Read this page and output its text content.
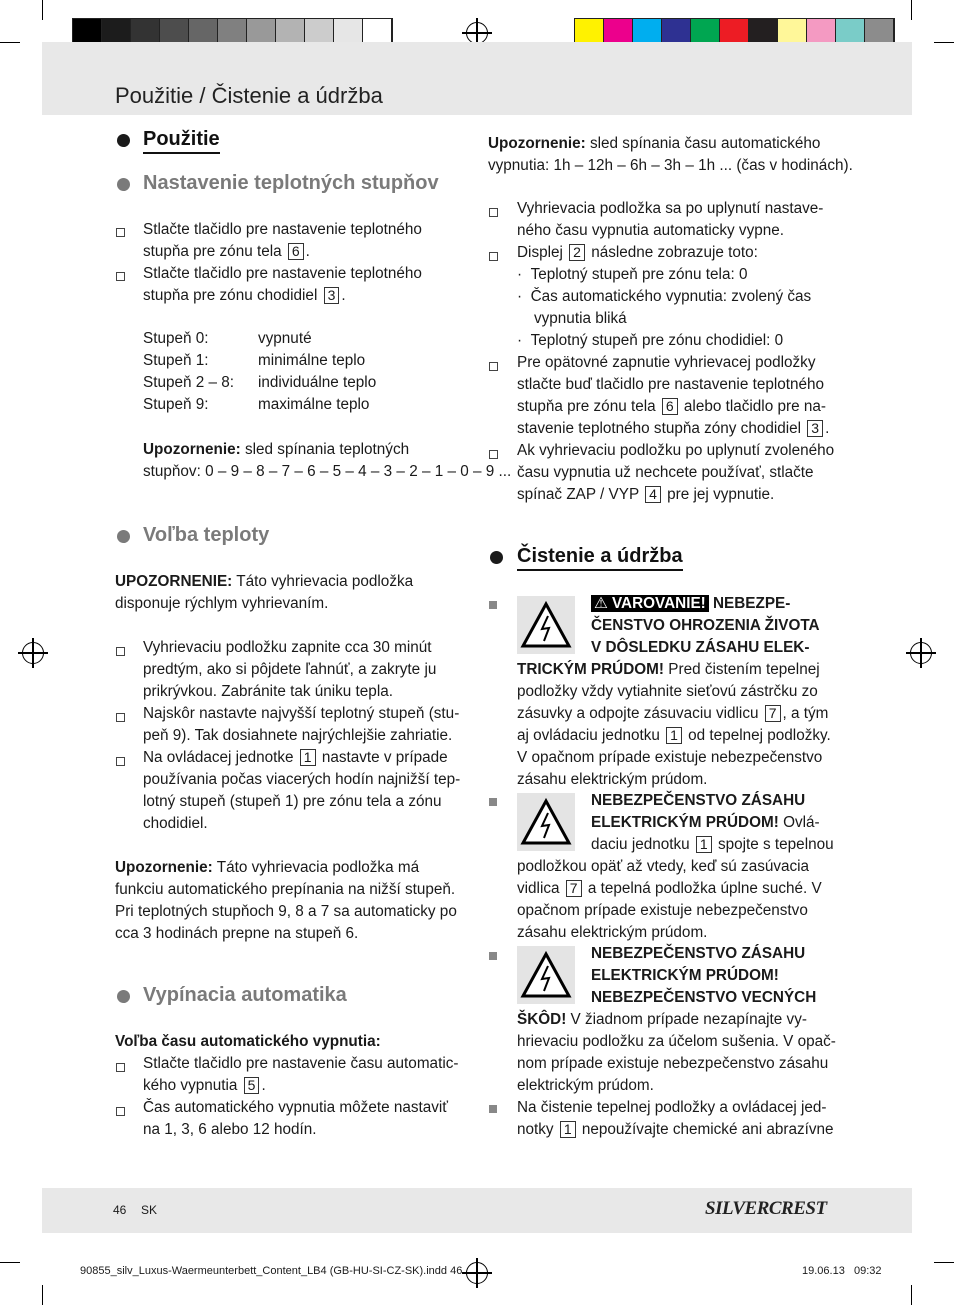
Použitie / Čistenie a údržba
Použitie
Nastavenie teplotných stupňov
Stlačte tlačidlo pre nastavenie teplotného
stupňa pre zónu tela 6 .
Stlačte tlačidlo pre nastavenie teplotného
stupňa pre zónu chodidiel 3 .
Stupeň 0:	vypnuté
Stupeň 1:	minimálne teplo
Stupeň 2 – 8: individuálne teplo
Stupeň 9:	maximálne teplo
Upozornenie: sled spínania teplotných
stupňov: 0 – 9 – 8 – 7 – 6 – 5 – 4 – 3 – 2 – 1 – 0 – 9 ...
Voľba teploty
UPOZORNENIE: Táto vyhrievacia podložka
disponuje rýchlym vyhrievaním.
Vyhrievaciu podložku zapnite cca 30 minút
predtým, ako si pôjdete ľahnúť, a zakryte ju
prikrývkou. Zabránite tak úniku tepla.
Najskôr nastavte najvyšší teplotný stupeň (stu-
peň 9). Tak dosiahnete najrýchlejšie zahriatie.
Na ovládacej jednotke 1 nastavte v prípade
používania počas viacerých hodín najnižší tep-
lotný stupeň (stupeň 1) pre zónu tela a zónu
chodidiel.
Upozornenie: Táto vyhrievacia podložka má
funkciu automatického prepínania na nižší stupeň.
Pri teplotných stupňoch 9, 8 a 7 sa automaticky po
cca 3 hodinách prepne na stupeň 6.
Vypínacia automatika
Voľba času automatického vypnutia:
Stlačte tlačidlo pre nastavenie času automatic-
kého vypnutia 5 .
Čas automatického vypnutia môžete nastaviť
na 1, 3, 6 alebo 12 hodín.
Upozornenie: sled spínania času automatického
vypnutia: 1h – 12h – 6h – 3h – 1h ... (čas v hodinách).
Vyhrievacia podložka sa po uplynutí nastave-
ného času vypnutia automaticky vypne.
Displej 2 následne zobrazuje toto:
·  Teplotný stupeň pre zónu tela: 0
·  Čas automatického vypnutia: zvolený čas
vypnutia bliká
·  Teplotný stupeň pre zónu chodidiel: 0
Pre opätovné zapnutie vyhrievacej podložky
stlačte buď tlačidlo pre nastavenie teplotného
stupňa pre zónu tela 6 alebo tlačidlo pre na-
stavenie teplotného stupňa zóny chodidiel 3 .
Ak vyhrievaciu podložku po uplynutí zvoleného
času vypnutia už nechcete používať, stlačte
spínač ZAP / VYP 4 pre jej vypnutie.
Čistenie a údržba
⚠ VAROVANIE! NEBEZPE-
ČENSTVO OHROZENIA ŽIVOTA
V DÔSLEDKU ZÁSAHU ELEK-
TRICKÝM PRÚDOM! Pred čistením tepelnej
podložky vždy vytiahnite sieťovú zástrčku zo
zásuvky a odpojte zásuvaciu vidlicu 7 , a tým
aj ovládaciu jednotku 1 od tepelnej podložky.
V opačnom prípade existuje nebezpečenstvo
zásahu elektrickým prúdom.
NEBEZPEČENSTVO ZÁSAHU
ELEKTRICKÝM PRÚDOM! Ovlá-
daciu jednotku 1 spojte s tepelnou
podložkou opäť až vtedy, keď sú zasúvacia
vidlica 7 a tepelná podložka úplne suché. V
opačnom prípade existuje nebezpečenstvo
zásahu elektrickým prúdom.
NEBEZPEČENSTVO ZÁSAHU
ELEKTRICKÝM PRÚDOM!
NEBEZPEČENSTVO VECNÝCH
ŠKÔD! V žiadnom prípade nezapínajte vy-
hrievaciu podložku za účelom sušenia. V opač-
nom prípade existuje nebezpečenstvo zásahu
elektrickým prúdom.
Na čistenie tepelnej podložky a ovládacej jed-
notky 1 nepoužívajte chemické ani abrazívne
46 SK	SILVERCREST
90855_silv_Luxus-Waermeunterbett_Content_LB4 (GB-HU-SI-CZ-SK).indd 46	19.06.13   09:32
